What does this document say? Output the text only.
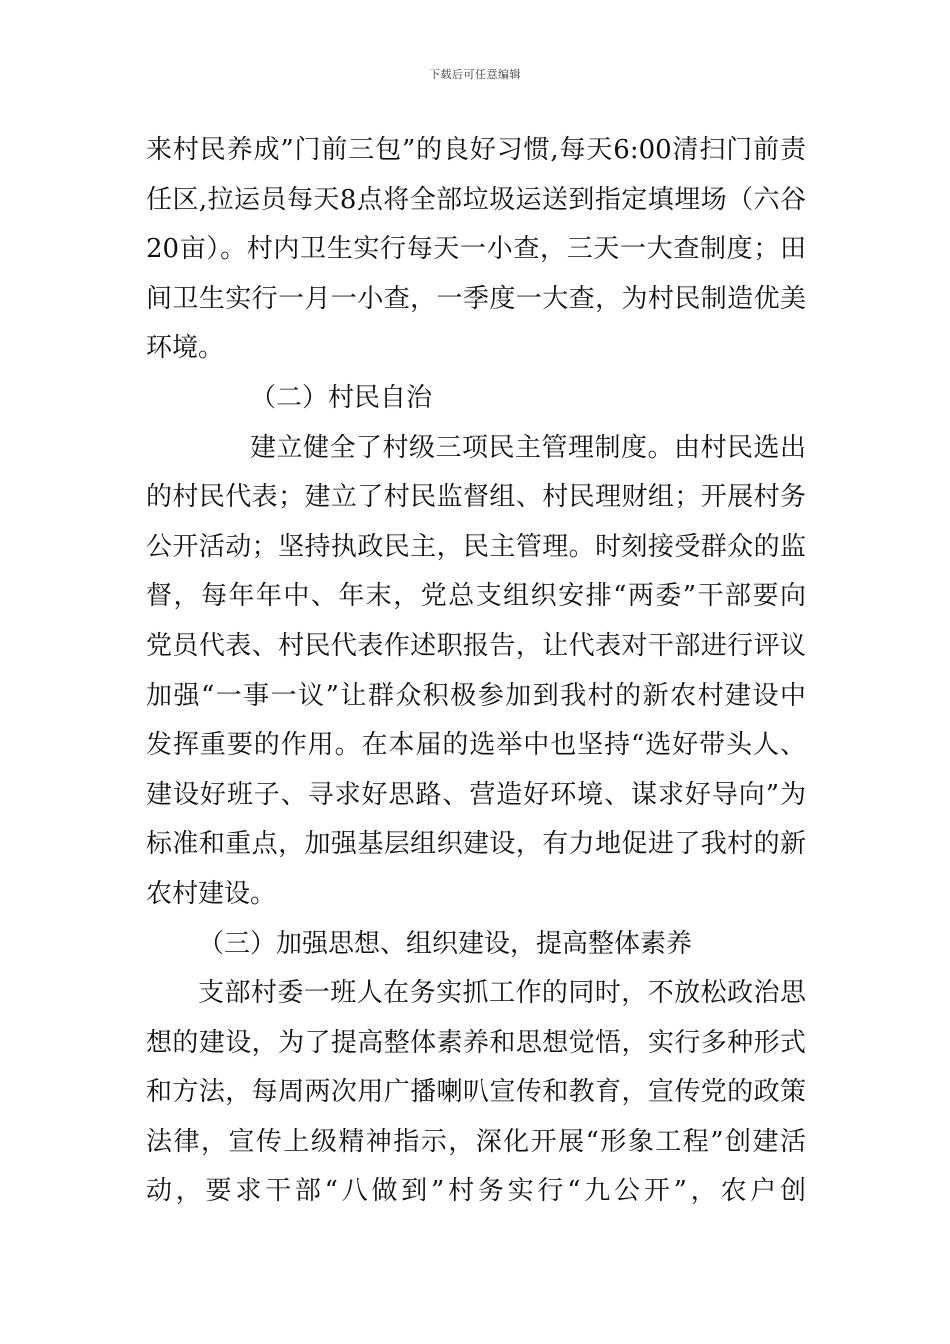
下载后可任意编辑
来村民养成”门前三包”的良好习惯,每天6:00清扫门前责
任区,拉运员每天8点将全部垃圾运送到指定填埋场（六谷
20亩）。村内卫生实行每天一小查，三天一大查制度；田
间卫生实行一月一小查，一季度一大查，为村民制造优美
环境。
（二）村民自治
建立健全了村级三项民主管理制度。由村民选出
的村民代表；建立了村民监督组、村民理财组；开展村务
公开活动；坚持执政民主，民主管理。时刻接受群众的监
督，每年年中、年末，党总支组织安排“两委”干部要向
党员代表、村民代表作述职报告，让代表对干部进行评议
加强“一事一议”让群众积极参加到我村的新农村建设中
发挥重要的作用。在本届的选举中也坚持“选好带头人、
建设好班子、寻求好思路、营造好环境、谋求好导向”为
标准和重点，加强基层组织建设，有力地促进了我村的新
农村建设。
（三）加强思想、组织建设，提高整体素养
支部村委一班人在务实抓工作的同时，不放松政治思
想的建设，为了提高整体素养和思想觉悟，实行多种形式
和方法，每周两次用广播喇叭宣传和教育，宣传党的政策
法律，宣传上级精神指示，深化开展“形象工程”创建活
动，要求干部“八做到”村务实行“九公开”，农户创
